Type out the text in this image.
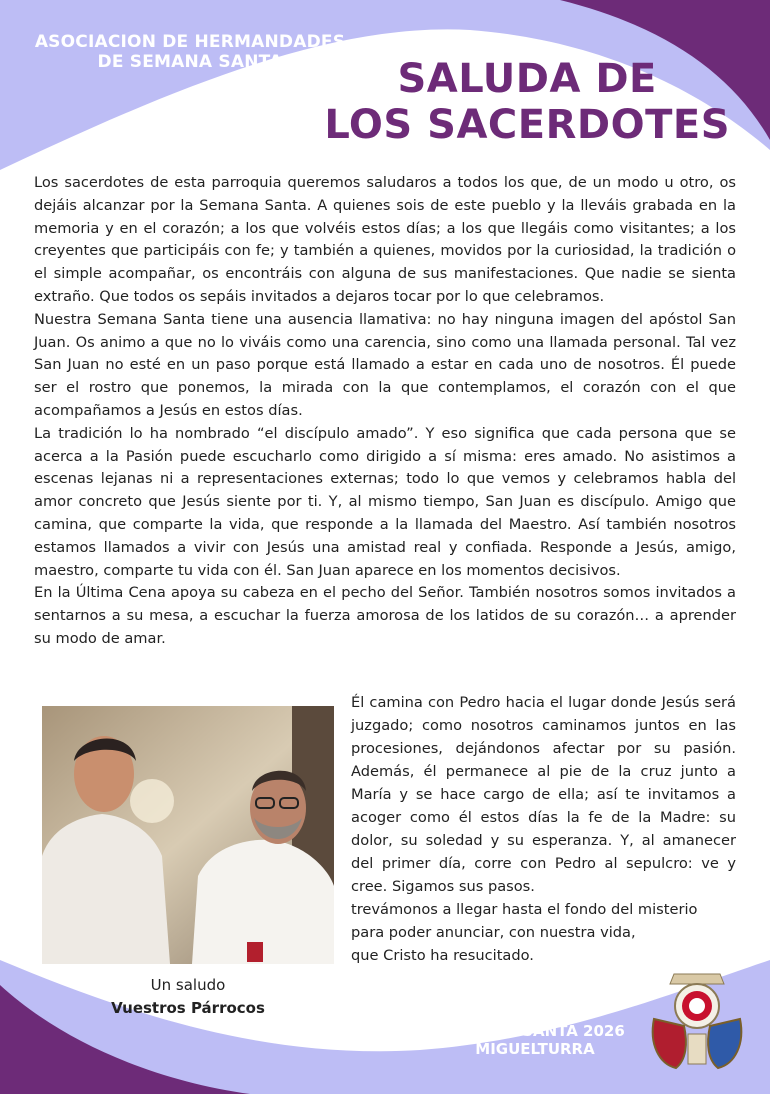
ASOCIACION DE HERMANDADES
DE SEMANA SANTA	SALUDA DE
LOS SACERDOTES

Los sacerdotes de esta parroquia queremos saludaros a todos los que, de un modo u otro, os dejáis alcanzar por la Semana Santa. A quienes sois de este pueblo y la lleváis grabada en la memoria y en el corazón; a los que volvéis estos días; a los que llegáis como visitantes; a los creyentes que participáis con fe; y también a quienes, movidos por la curiosidad, la tradición o el simple acompañar, os encontráis con alguna de sus manifestaciones. Que nadie se sienta extraño. Que todos os sepáis invitados a dejaros tocar por lo que celebramos.

Nuestra Semana Santa tiene una ausencia llamativa: no hay ninguna imagen del apóstol San Juan. Os animo a que no lo viváis como una carencia, sino como una llamada personal. Tal vez San Juan no esté en un paso porque está llamado a estar en cada uno de nosotros. Él puede ser el rostro que ponemos, la mirada con la que contemplamos, el corazón con el que acompañamos a Jesús en estos días.

La tradición lo ha nombrado “el discípulo amado”. Y eso significa que cada persona que se acerca a la Pasión puede escucharlo como dirigido a sí misma: eres amado. No asistimos a escenas lejanas ni a representaciones externas; todo lo que vemos y celebramos habla del amor concreto que Jesús siente por ti. Y, al mismo tiempo, San Juan es discípulo. Amigo que camina, que comparte la vida, que responde a la llamada del Maestro. Así también nosotros estamos llamados a vivir con Jesús una amistad real y confiada. Responde a Jesús, amigo, maestro, comparte tu vida con él. San Juan aparece en los momentos decisivos.

En la Última Cena apoya su cabeza en el pecho del Señor. También nosotros somos invitados a sentarnos a su mesa, a escuchar la fuerza amorosa de los latidos de su corazón… a aprender su modo de amar.

Un saludo
Vuestros Párrocos

Él camina con Pedro hacia el lugar donde Jesús será juzgado; como nosotros caminamos juntos en las procesiones, dejándonos afectar por su pasión. Además, él permanece al pie de la cruz junto a María y se hace cargo de ella; así te invitamos a acoger como él estos días la fe de la Madre: su dolor, su soledad y su esperanza. Y, al amanecer del primer día, corre con Pedro al sepulcro: ve y cree. Sigamos sus pasos.

trevámonos a llegar hasta el fondo del misterio

para poder anunciar, con nuestra vida,

que Cristo ha resucitado.

SEMANA SANTA 2026
MIGUELTURRA
